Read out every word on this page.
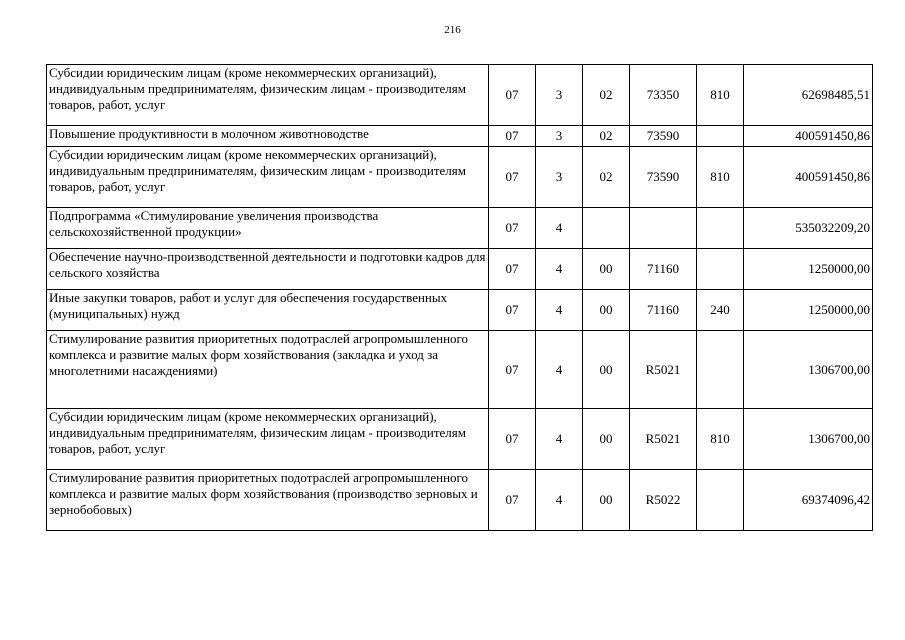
216
Субсидии юридическим лицам (кроме некоммерческих организаций), индивидуальным предпринимателям, физическим лицам - производителям товаров, работ, услуг	07	3	02	73350	810	62698485,51
Повышение продуктивности в молочном животноводстве	07	3	02	73590		400591450,86
Субсидии юридическим лицам (кроме некоммерческих организаций), индивидуальным предпринимателям, физическим лицам - производителям товаров, работ, услуг	07	3	02	73590	810	400591450,86
Подпрограмма «Стимулирование увеличения производства сельскохозяйственной продукции»	07	4				535032209,20
Обеспечение научно-производственной деятельности и подготовки кадров для сельского хозяйства	07	4	00	71160		1250000,00
Иные закупки товаров, работ и услуг для обеспечения государственных (муниципальных) нужд	07	4	00	71160	240	1250000,00
Стимулирование развития приоритетных подотраслей агропромышленного комплекса и развитие малых форм хозяйствования (закладка и уход за многолетними насаждениями)	07	4	00	R5021		1306700,00
Субсидии юридическим лицам (кроме некоммерческих организаций), индивидуальным предпринимателям, физическим лицам - производителям товаров, работ, услуг	07	4	00	R5021	810	1306700,00
Стимулирование развития приоритетных подотраслей агропромышленного комплекса и развитие малых форм хозяйствования (производство зерновых и зернобобовых)	07	4	00	R5022		69374096,42
